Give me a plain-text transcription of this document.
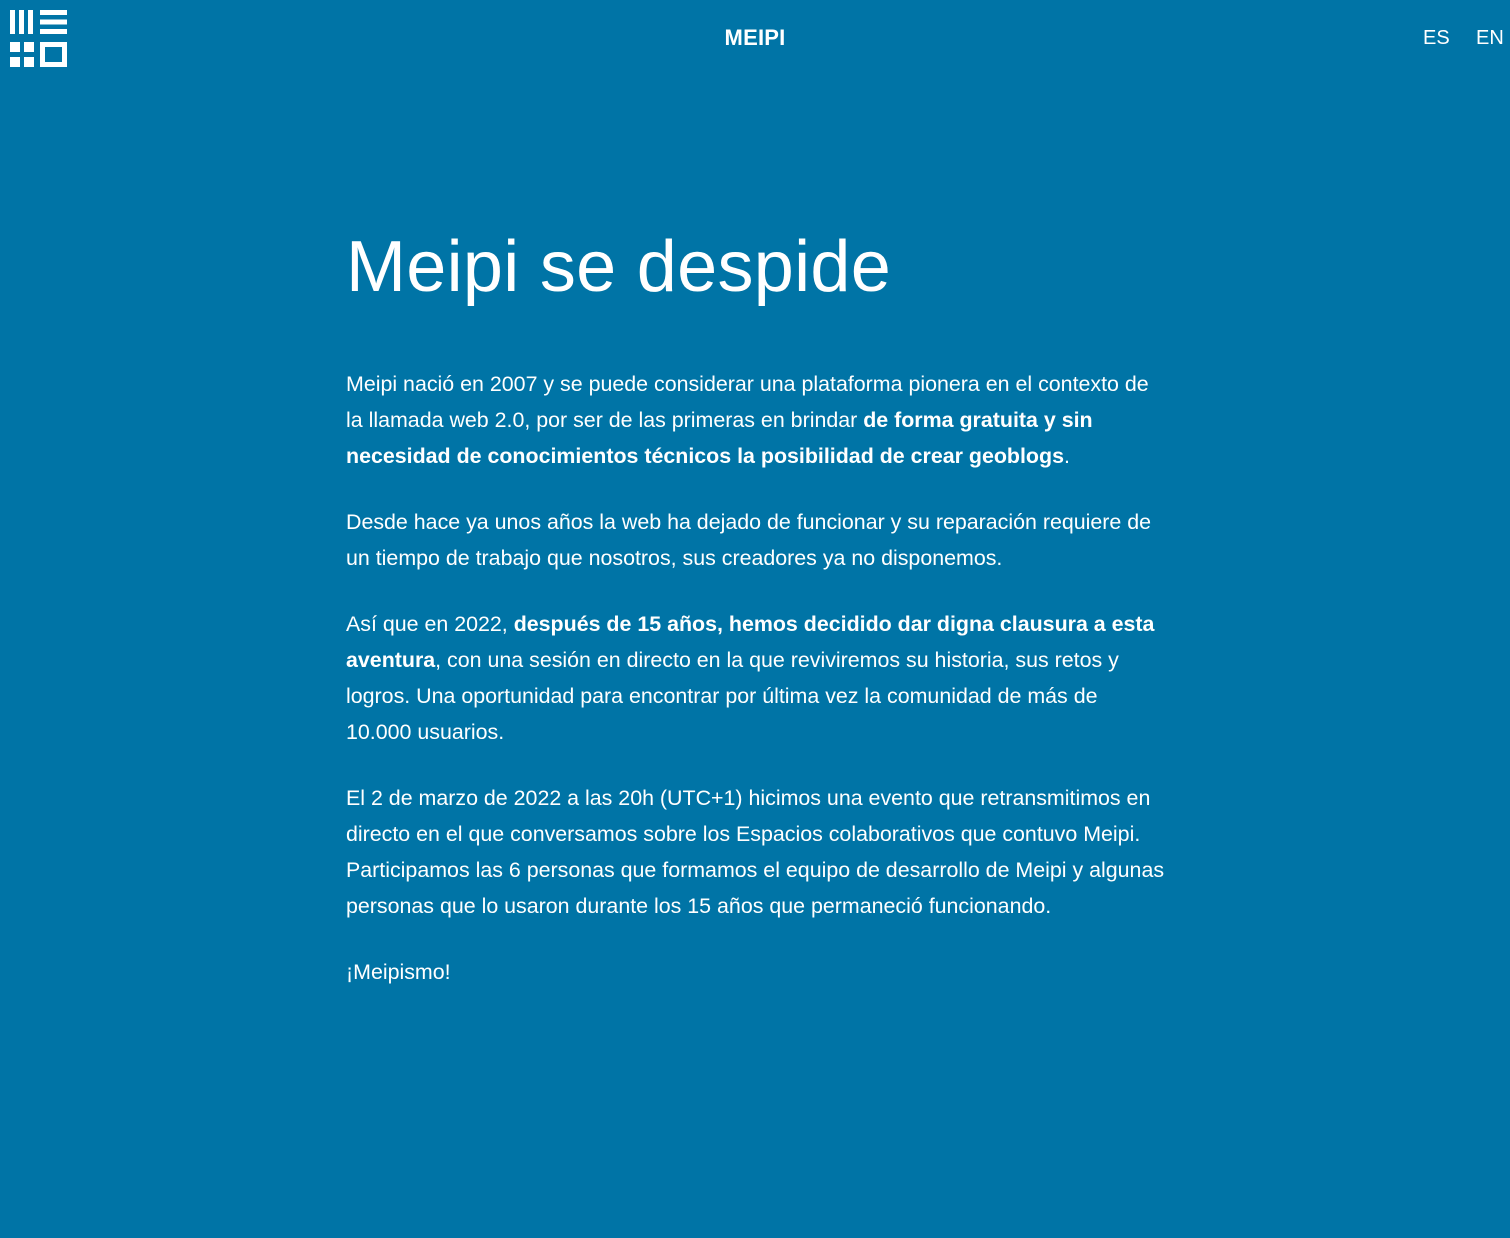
MEIPI	ES EN
Meipi se despide

Meipi nació en 2007 y se puede considerar una plataforma pionera en el contexto de la llamada web 2.0, por ser de las primeras en brindar de forma gratuita y sin necesidad de conocimientos técnicos la posibilidad de crear geoblogs.

Desde hace ya unos años la web ha dejado de funcionar y su reparación requiere de un tiempo de trabajo que nosotros, sus creadores ya no disponemos.

Así que en 2022, después de 15 años, hemos decidido dar digna clausura a esta aventura, con una sesión en directo en la que reviviremos su historia, sus retos y logros. Una oportunidad para encontrar por última vez la comunidad de más de 10.000 usuarios.

El 2 de marzo de 2022 a las 20h (UTC+1) hicimos una evento que retransmitimos en directo en el que conversamos sobre los Espacios colaborativos que contuvo Meipi. Participamos las 6 personas que formamos el equipo de desarrollo de Meipi y algunas personas que lo usaron durante los 15 años que permaneció funcionando.

¡Meipismo!
